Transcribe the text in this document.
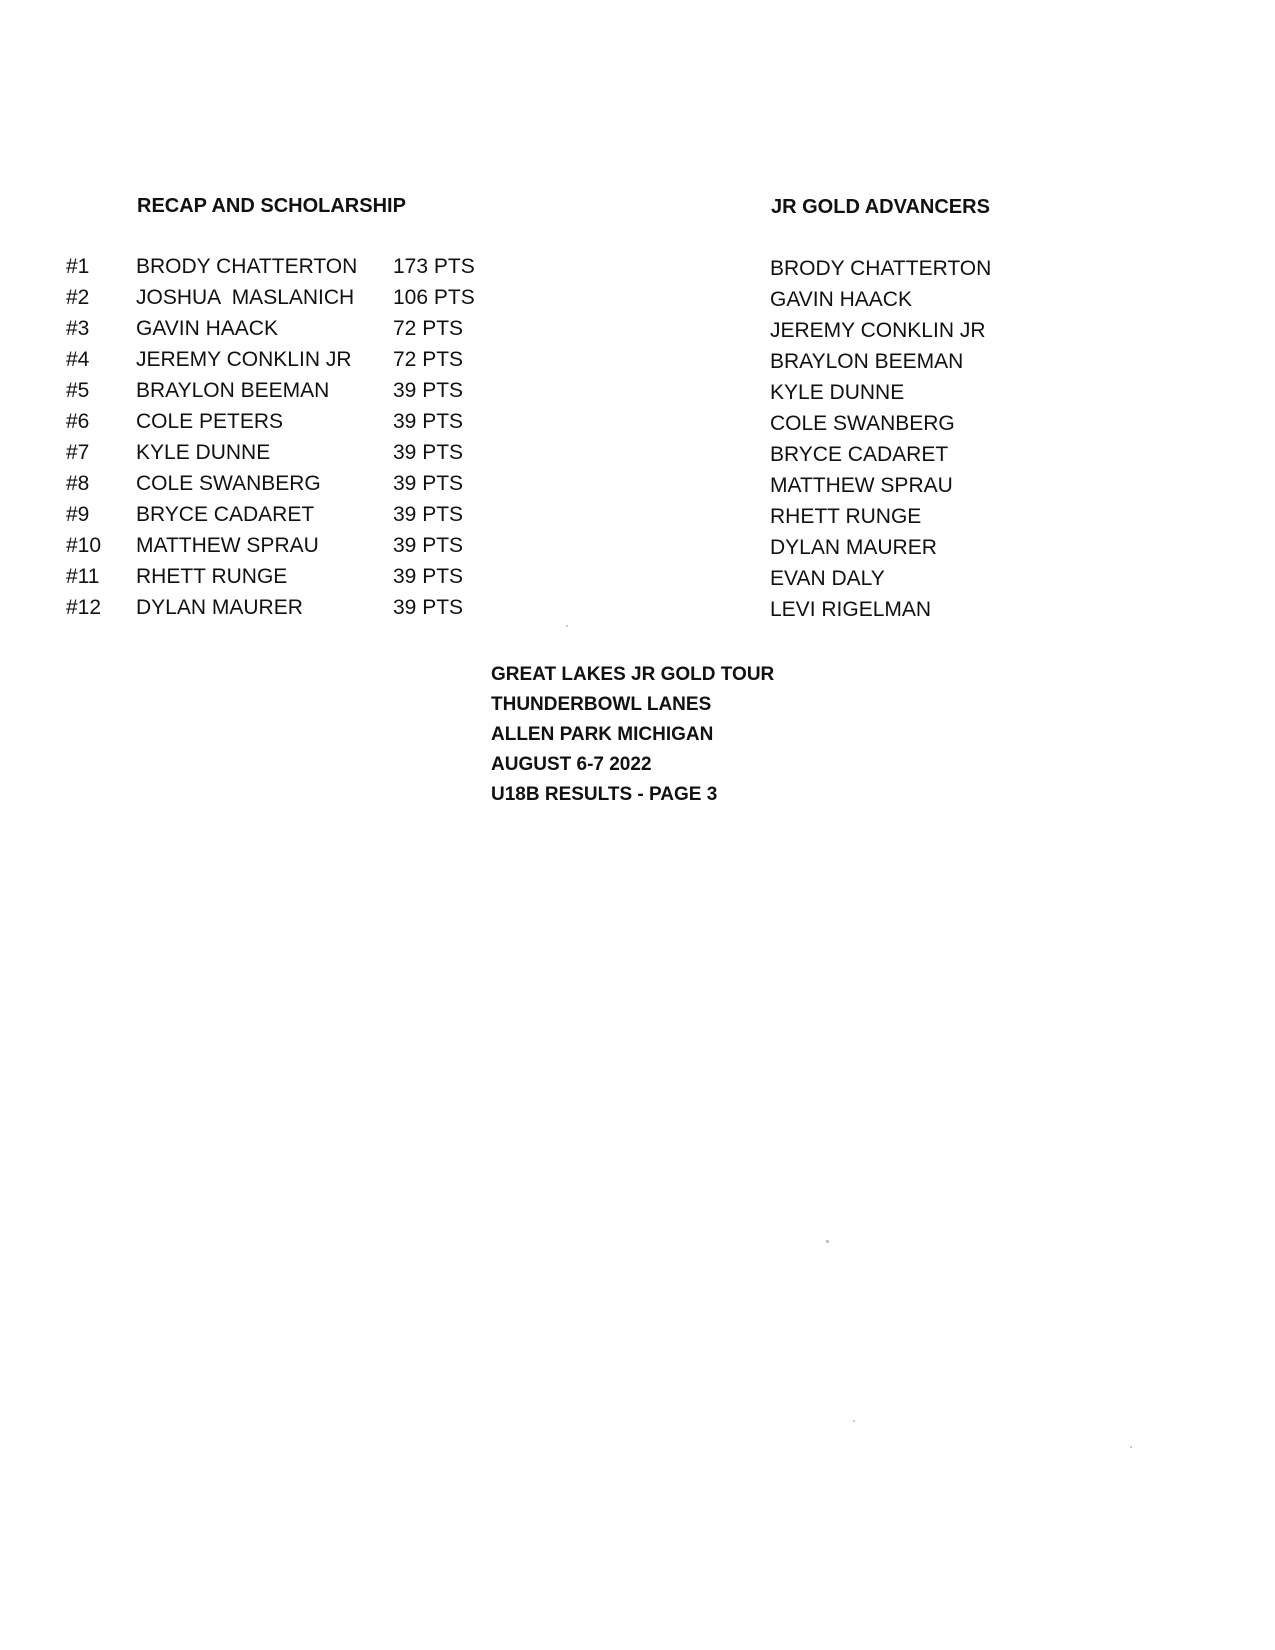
RECAP AND SCHOLARSHIP	JR GOLD ADVANCERS
#1 BRODY CHATTERTON 173 PTS
#2 JOSHUA  MASLANICH 106 PTS
#3 GAVIN HAACK	72 PTS
#4 JEREMY CONKLIN JR 72 PTS
#5 BRAYLON BEEMAN	39 PTS
#6 COLE PETERS	39 PTS
#7 KYLE DUNNE	39 PTS
#8 COLE SWANBERG	39 PTS
#9 BRYCE CADARET	39 PTS
#10 MATTHEW SPRAU	39 PTS
#11 RHETT RUNGE	39 PTS
#12 DYLAN MAURER	39 PTS
BRODY CHATTERTON
GAVIN HAACK
JEREMY CONKLIN JR
BRAYLON BEEMAN
KYLE DUNNE
COLE SWANBERG
BRYCE CADARET
MATTHEW SPRAU
RHETT RUNGE
DYLAN MAURER
EVAN DALY
LEVI RIGELMAN
GREAT LAKES JR GOLD TOUR
THUNDERBOWL LANES
ALLEN PARK MICHIGAN
AUGUST 6-7 2022
U18B RESULTS - PAGE 3
